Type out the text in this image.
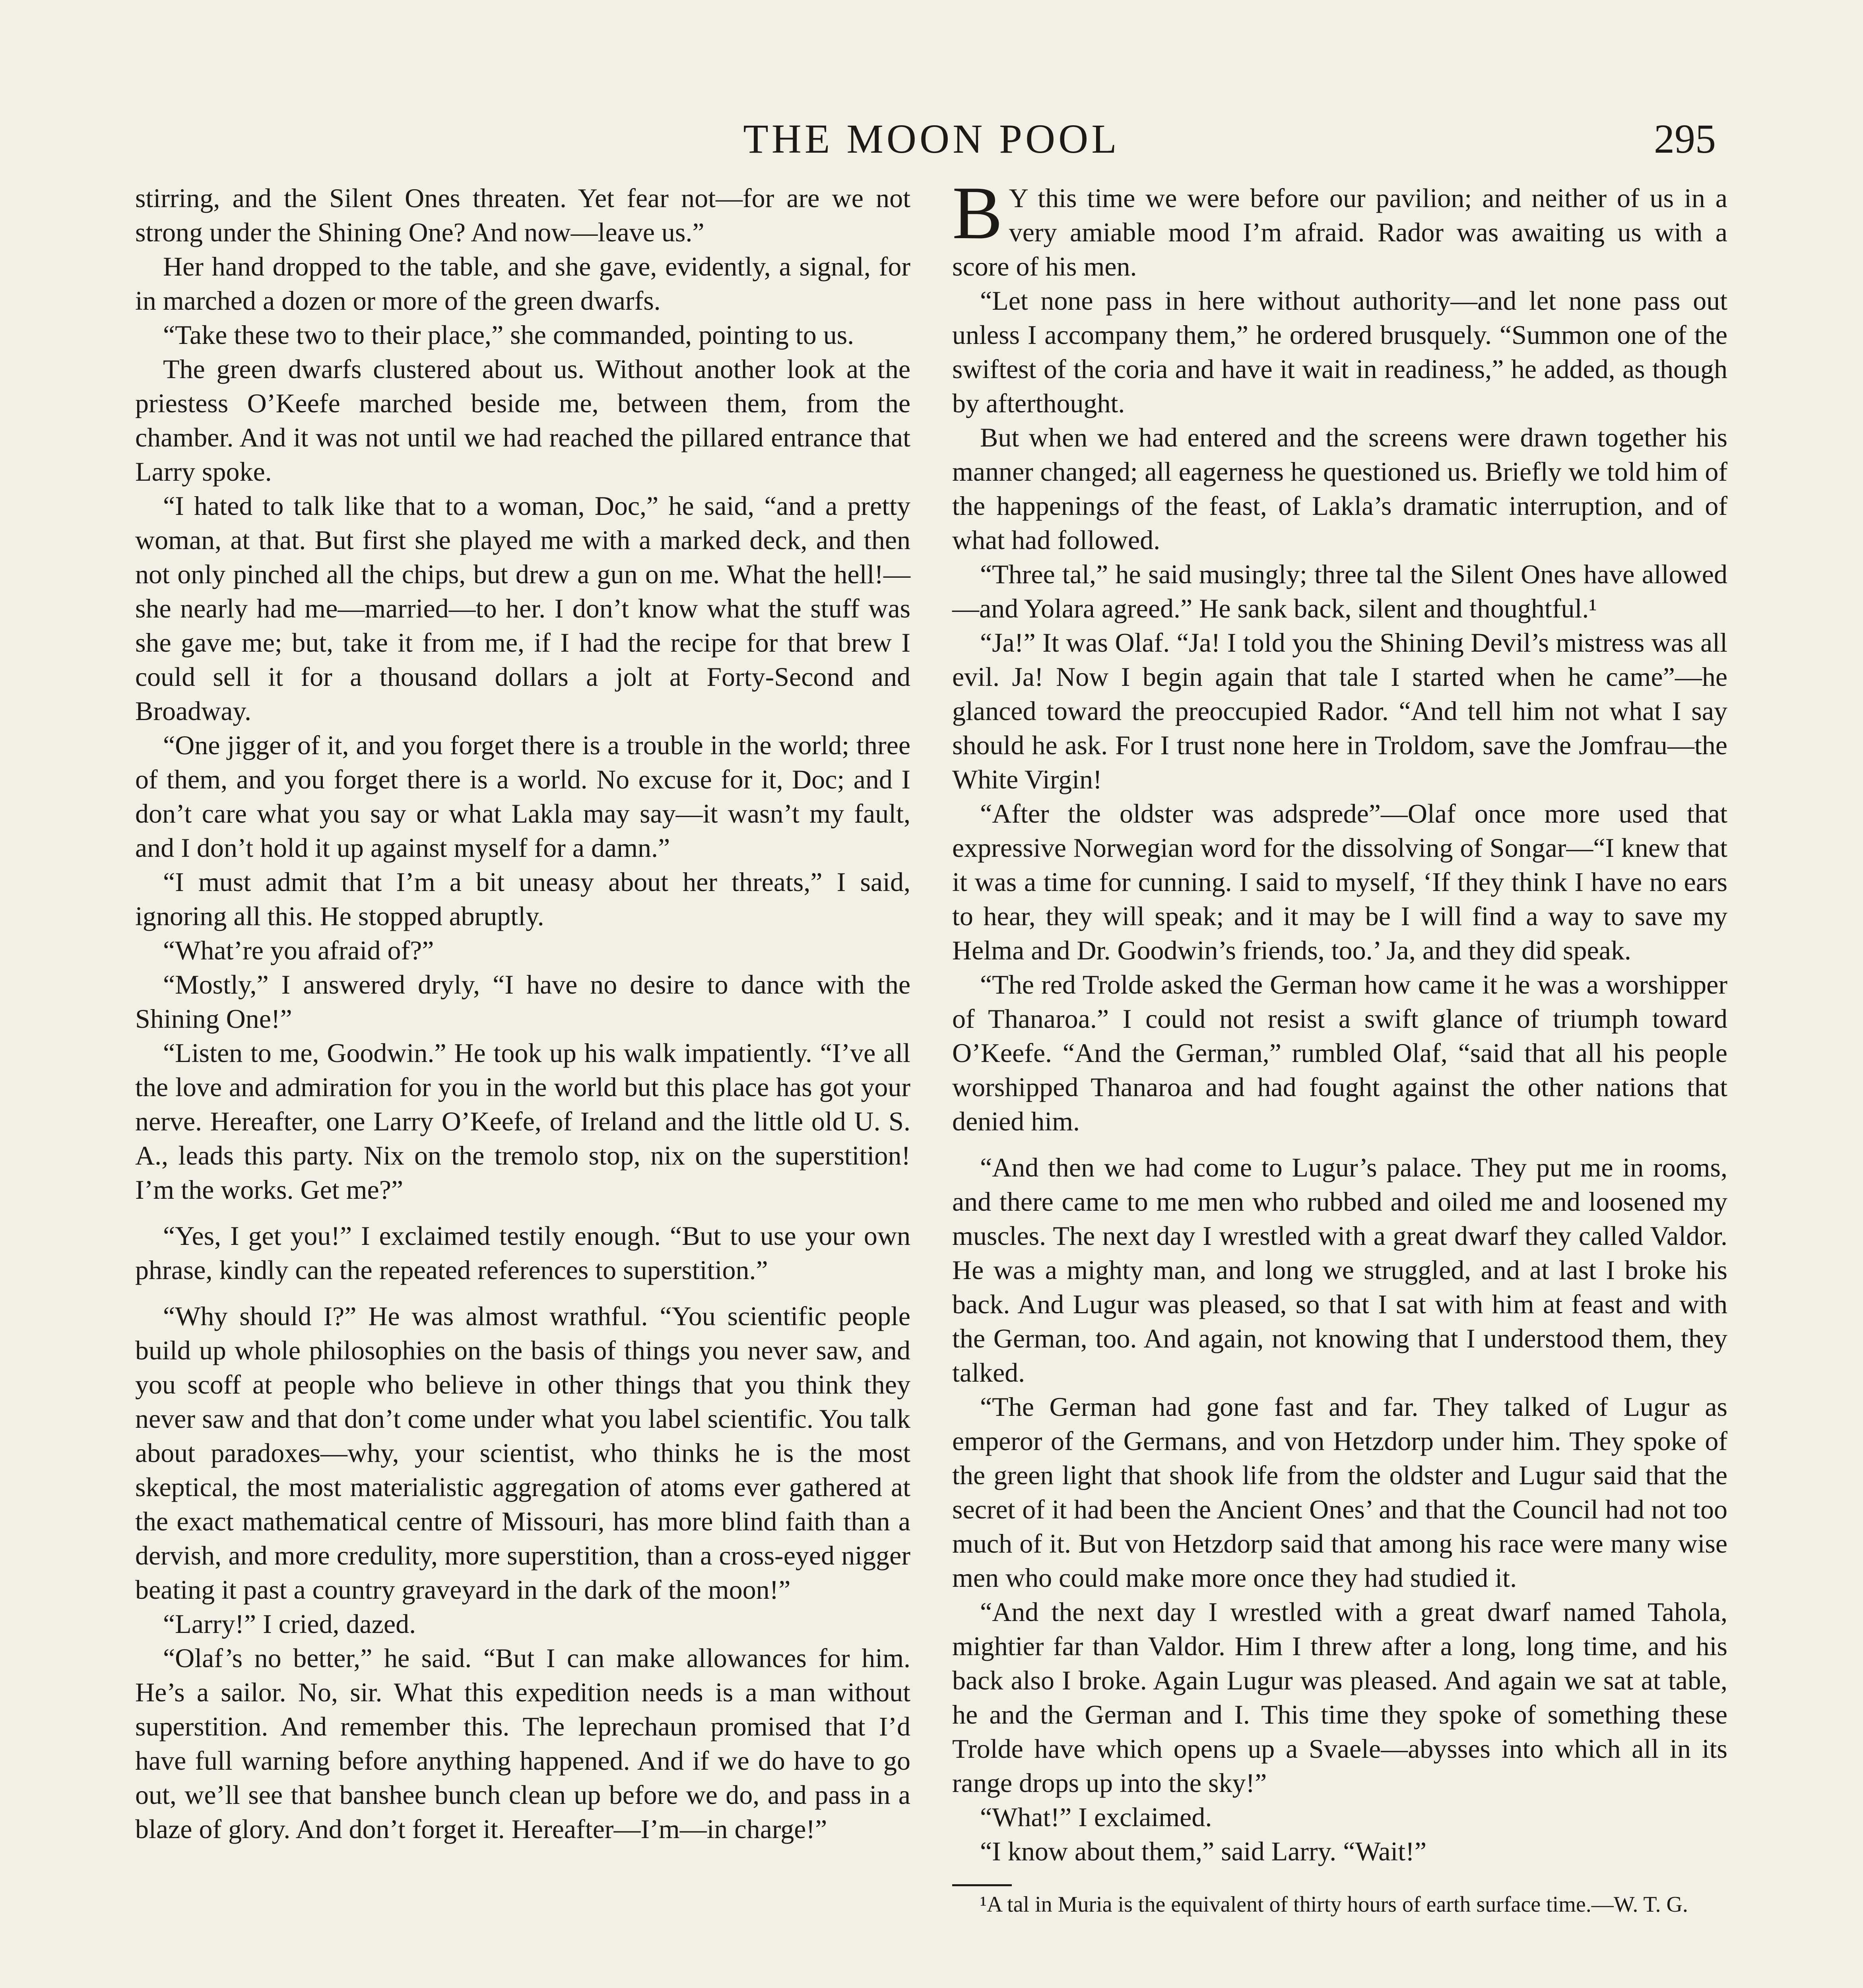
THE MOON POOL	295

stirring, and the Silent Ones threaten. Yet fear not—for are we not strong under the Shining One? And now—leave us.”

Her hand dropped to the table, and she gave, evidently, a signal, for in marched a dozen or more of the green dwarfs.

“Take these two to their place,” she commanded, pointing to us.

The green dwarfs clustered about us. Without another look at the priestess O’Keefe marched beside me, between them, from the chamber. And it was not until we had reached the pillared entrance that Larry spoke.

“I hated to talk like that to a woman, Doc,” he said, “and a pretty woman, at that. But first she played me with a marked deck, and then not only pinched all the chips, but drew a gun on me. What the hell!—she nearly had me—married—to her. I don’t know what the stuff was she gave me; but, take it from me, if I had the recipe for that brew I could sell it for a thousand dollars a jolt at Forty-Second and Broadway.

“One jigger of it, and you forget there is a trouble in the world; three of them, and you forget there is a world. No excuse for it, Doc; and I don’t care what you say or what Lakla may say—it wasn’t my fault, and I don’t hold it up against myself for a damn.”

“I must admit that I’m a bit uneasy about her threats,” I said, ignoring all this. He stopped abruptly.

“What’re you afraid of?”

“Mostly,” I answered dryly, “I have no desire to dance with the Shining One!”

“Listen to me, Goodwin.” He took up his walk impatiently. “I’ve all the love and admiration for you in the world but this place has got your nerve. Hereafter, one Larry O’Keefe, of Ireland and the little old U. S. A., leads this party. Nix on the tremolo stop, nix on the superstition! I’m the works. Get me?”

“Yes, I get you!” I exclaimed testily enough. “But to use your own phrase, kindly can the repeated references to superstition.”

“Why should I?” He was almost wrathful. “You scientific people build up whole philosophies on the basis of things you never saw, and you scoff at people who believe in other things that you think they never saw and that don’t come under what you label scientific. You talk about paradoxes—why, your scientist, who thinks he is the most skeptical, the most materialistic aggregation of atoms ever gathered at the exact mathematical centre of Missouri, has more blind faith than a dervish, and more credulity, more superstition, than a cross-eyed nigger beating it past a country graveyard in the dark of the moon!”

“Larry!” I cried, dazed.

“Olaf’s no better,” he said. “But I can make allowances for him. He’s a sailor. No, sir. What this expedition needs is a man without superstition. And remember this. The leprechaun promised that I’d have full warning before anything happened. And if we do have to go out, we’ll see that banshee bunch clean up before we do, and pass in a blaze of glory. And don’t forget it. Hereafter—I’m—in charge!”

B Y this time we were before our pavilion; and neither of us in a very amiable mood I’m afraid. Rador was awaiting us with a score of his men.

“Let none pass in here without authority—and let none pass out unless I accompany them,” he ordered brusquely. “Summon one of the swiftest of the coria and have it wait in readiness,” he added, as though by afterthought.

But when we had entered and the screens were drawn together his manner changed; all eagerness he questioned us. Briefly we told him of the happenings of the feast, of Lakla’s dramatic interruption, and of what had followed.

“Three tal,” he said musingly; three tal the Silent Ones have allowed—and Yolara agreed.” He sank back, silent and thoughtful.¹

“Ja!” It was Olaf. “Ja! I told you the Shining Devil’s mistress was all evil. Ja! Now I begin again that tale I started when he came”—he glanced toward the preoccupied Rador. “And tell him not what I say should he ask. For I trust none here in Troldom, save the Jomfrau—the White Virgin!

“After the oldster was adsprede”—Olaf once more used that expressive Norwegian word for the dissolving of Songar—“I knew that it was a time for cunning. I said to myself, ‘If they think I have no ears to hear, they will speak; and it may be I will find a way to save my Helma and Dr. Goodwin’s friends, too.’ Ja, and they did speak.

“The red Trolde asked the German how came it he was a worshipper of Thanaroa.” I could not resist a swift glance of triumph toward O’Keefe. “And the German,” rumbled Olaf, “said that all his people worshipped Thanaroa and had fought against the other nations that denied him.

“And then we had come to Lugur’s palace. They put me in rooms, and there came to me men who rubbed and oiled me and loosened my muscles. The next day I wrestled with a great dwarf they called Valdor. He was a mighty man, and long we struggled, and at last I broke his back. And Lugur was pleased, so that I sat with him at feast and with the German, too. And again, not knowing that I understood them, they talked.

“The German had gone fast and far. They talked of Lugur as emperor of the Germans, and von Hetzdorp under him. They spoke of the green light that shook life from the oldster and Lugur said that the secret of it had been the Ancient Ones’ and that the Council had not too much of it. But von Hetzdorp said that among his race were many wise men who could make more once they had studied it.

“And the next day I wrestled with a great dwarf named Tahola, mightier far than Valdor. Him I threw after a long, long time, and his back also I broke. Again Lugur was pleased. And again we sat at table, he and the German and I. This time they spoke of something these Trolde have which opens up a Svaele—abysses into which all in its range drops up into the sky!”

“What!” I exclaimed.

“I know about them,” said Larry. “Wait!”

¹A tal in Muria is the equivalent of thirty hours of earth surface time.—W. T. G.
